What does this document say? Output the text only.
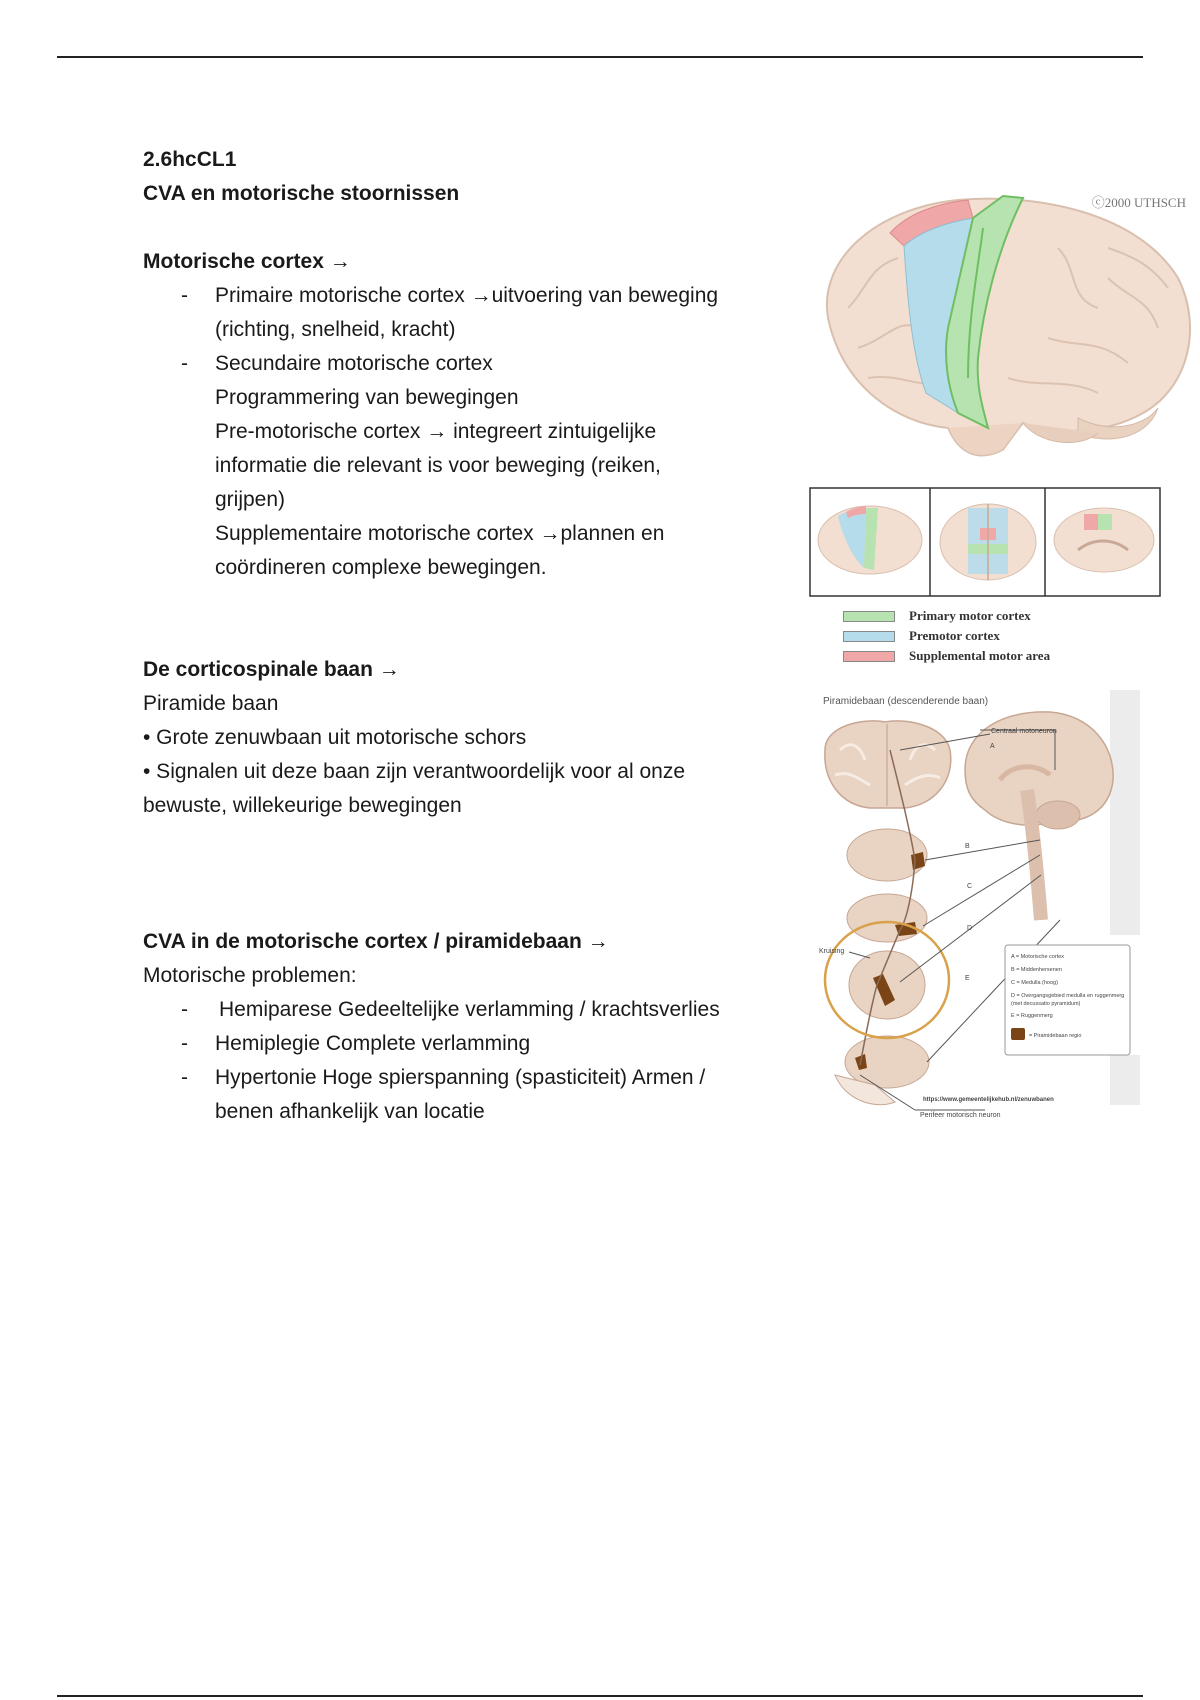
2.6hcCL1
CVA en motorische stoornissen
Motorische cortex →
- Primaire motorische cortex →uitvoering van beweging
(richting, snelheid, kracht)
- Secundaire motorische cortex
Programmering van bewegingen
Pre-motorische cortex → integreert zintuigelijke
informatie die relevant is voor beweging (reiken,
grijpen)
Supplementaire motorische cortex →plannen en
coördineren complexe bewegingen.
De corticospinale baan →
Piramide baan
• Grote zenuwbaan uit motorische schors
• Signalen uit deze baan zijn verantwoordelijk voor al onze
bewuste, willekeurige bewegingen
CVA in de motorische cortex / piramidebaan →
Motorische problemen:
- Hemiparese Gedeeltelijke verlamming / krachtsverlies
- Hemiplegie Complete verlamming
- Hypertonie Hoge spierspanning (spasticiteit) Armen /
benen afhankelijk van locatie
ⓒ2000 UTHSCH
Primary motor cortex
Premotor cortex
Supplemental motor area
Piramidebaan (descenderende baan)
A
B
C
D
E
Centraal motoneuron
Kruising
Perifeer motorisch neuron
https://www.gemeentelijkehub.nl/zenuwbanen
A = Motorische cortex
B = Middenhersenen
C = Medulla (hoog)
D = Overgangsgebied medulla en ruggenmerg
(met decussatio pyramidum)
E = Ruggenmerg
= Piramidebaan regio
